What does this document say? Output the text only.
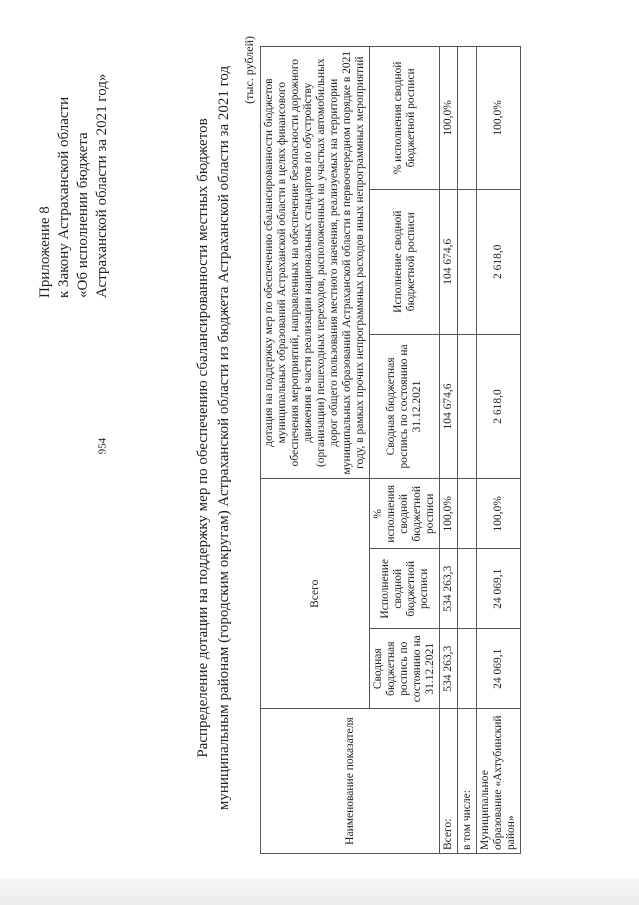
954
Приложение 8 к Закону Астраханской области «Об исполнении бюджета Астраханской области за 2021 год»	Распределение дотации на поддержку мер по обеспечению сбалансированности местных бюджетов муниципальным районам (городским округам) Астраханской области из бюджета Астраханской области за 2021 год (тыс. рублей)
Наименование показателя	Всего			дотация на поддержку мер по обеспечению сбалансированности бюджетов муниципальных образований Астраханской области в целях финансового обеспечения мероприятий, направленных на обеспечение безопасности дорожного движения в части реализации национальных стандартов по обустройству (организации) пешеходных переходов, расположенных на участках автомобильных дорог общего пользования местного значения, реализуемых на территории муниципальных образований Астраханской области в первоочередном порядке в 2021 году, в рамках прочих непрограммных расходов иных непрограммных мероприятий		
	Сводная бюджетная роспись по состоянию на 31.12.2021	Исполнение сводной бюджетной росписи	% исполнения сводной бюджетной росписи	Сводная бюджетная роспись по состоянию на 31.12.2021	Исполнение сводной бюджетной росписи	% исполнения сводной бюджетной росписи
Всего:	534 263,3	534 263,3	100,0%	104 674,6	104 674,6	100,0%
в том числе:						
Муниципальное образование «Ахтубинский район»	24 069,1	24 069,1	100,0%	2 618,0	2 618,0	100,0%
